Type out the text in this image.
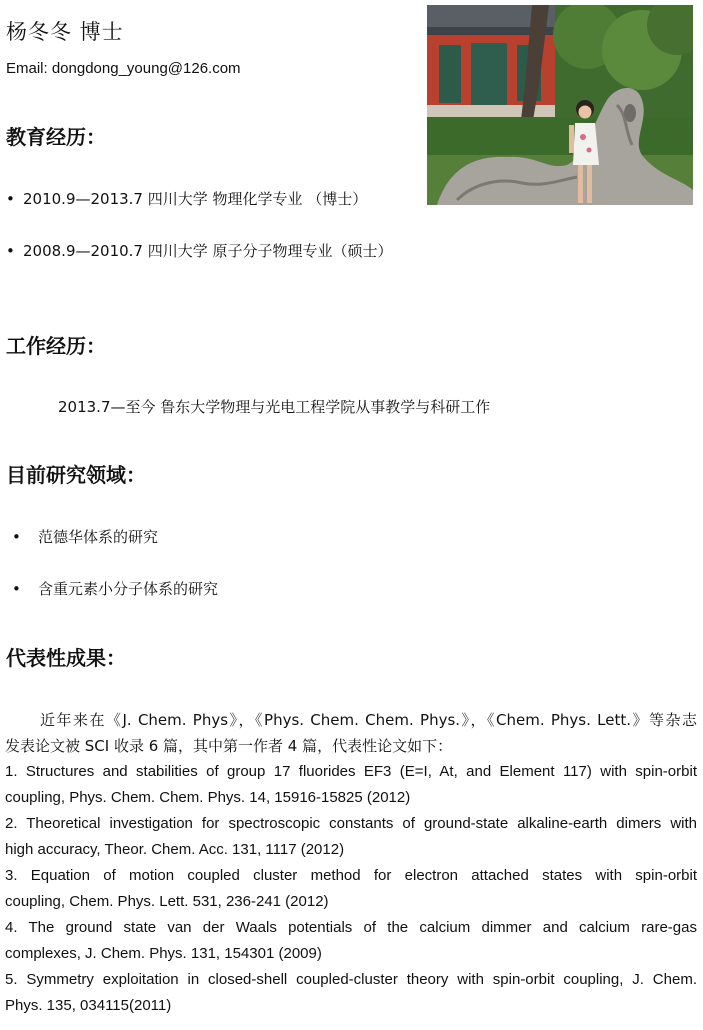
杨冬冬 博士
Email: dongdong_young@126.com
教育经历：
• 2010.9—2013.7 四川大学 物理化学专业 （博士）
• 2008.9—2010.7 四川大学 原子分子物理专业（硕士）
工作经历：
2013.7—至今 鲁东大学物理与光电工程学院从事教学与科研工作
目前研究领域：
• 范德华体系的研究
• 含重元素小分子体系的研究
代表性成果：
近年来在《J. Chem. Phys》，《Phys. Chem. Chem. Phys.》，《Chem. Phys. Lett.》等杂志
发表论文被 SCI 收录 6 篇，其中第一作者 4 篇，代表性论文如下：
1. Structures and stabilities of group 17 fluorides EF3 (E=I, At, and Element 117) with spin-orbit
coupling, Phys. Chem. Chem. Phys. 14, 15916-15825 (2012)
2. Theoretical investigation for spectroscopic constants of ground-state alkaline-earth dimers with
high accuracy, Theor. Chem. Acc. 131, 1117 (2012)
3. Equation of motion coupled cluster method for electron attached states with spin-orbit
coupling, Chem. Phys. Lett. 531, 236-241 (2012)
4. The ground state van der Waals potentials of the calcium dimmer and calcium rare-gas
complexes, J. Chem. Phys. 131, 154301 (2009)
5. Symmetry exploitation in closed-shell coupled-cluster theory with spin-orbit coupling, J. Chem.
Phys. 135, 034115(2011)
